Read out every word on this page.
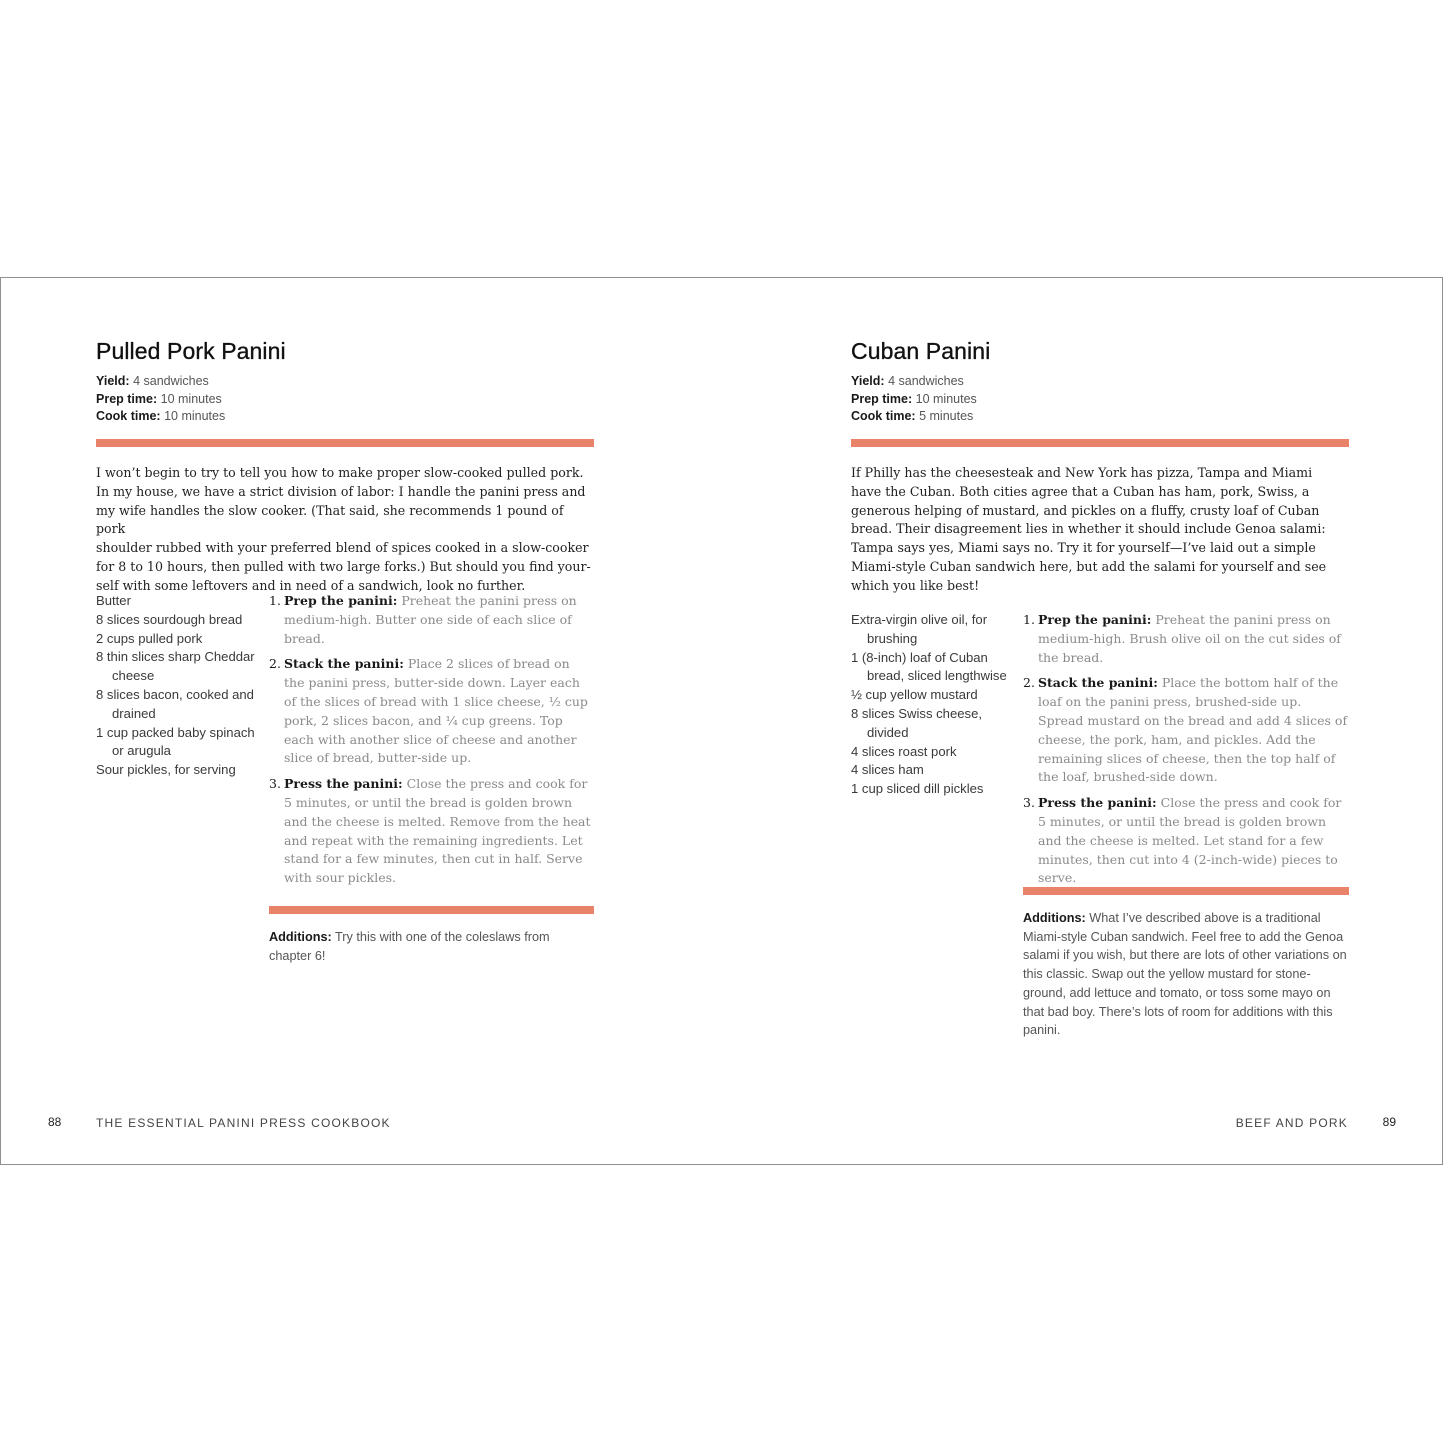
Pulled Pork Panini
Yield: 4 sandwiches
Prep time: 10 minutes
Cook time: 10 minutes
I won’t begin to try to tell you how to make proper slow-cooked pulled pork.
In my house, we have a strict division of labor: I handle the panini press and
my wife handles the slow cooker. (That said, she recommends 1 pound of pork
shoulder rubbed with your preferred blend of spices cooked in a slow-cooker
for 8 to 10 hours, then pulled with two large forks.) But should you find your-
self with some leftovers and in need of a sandwich, look no further.
Butter
8 slices sourdough bread
2 cups pulled pork
8 thin slices sharp Cheddar cheese
8 slices bacon, cooked and drained
1 cup packed baby spinach or arugula
Sour pickles, for serving
1. Prep the panini: Preheat the panini press on medium-high. Butter one side of each slice of bread.
2. Stack the panini: Place 2 slices of bread on the panini press, butter-side down. Layer each of the slices of bread with 1 slice cheese, ½ cup pork, 2 slices bacon, and ¼ cup greens. Top each with another slice of cheese and another slice of bread, butter-side up.
3. Press the panini: Close the press and cook for 5 minutes, or until the bread is golden brown and the cheese is melted. Remove from the heat and repeat with the remaining ingredients. Let stand for a few minutes, then cut in half. Serve with sour pickles.
Additions: Try this with one of the coleslaws from chapter 6!
88	THE ESSENTIAL PANINI PRESS COOKBOOK
Cuban Panini
Yield: 4 sandwiches
Prep time: 10 minutes
Cook time: 5 minutes
If Philly has the cheesesteak and New York has pizza, Tampa and Miami
have the Cuban. Both cities agree that a Cuban has ham, pork, Swiss, a
generous helping of mustard, and pickles on a fluffy, crusty loaf of Cuban
bread. Their disagreement lies in whether it should include Genoa salami:
Tampa says yes, Miami says no. Try it for yourself—I’ve laid out a simple
Miami-style Cuban sandwich here, but add the salami for yourself and see
which you like best!
Extra-virgin olive oil, for brushing
1 (8-inch) loaf of Cuban bread, sliced lengthwise
½ cup yellow mustard
8 slices Swiss cheese, divided
4 slices roast pork
4 slices ham
1 cup sliced dill pickles
1. Prep the panini: Preheat the panini press on medium-high. Brush olive oil on the cut sides of the bread.
2. Stack the panini: Place the bottom half of the loaf on the panini press, brushed-side up. Spread mustard on the bread and add 4 slices of cheese, the pork, ham, and pickles. Add the remaining slices of cheese, then the top half of the loaf, brushed-side down.
3. Press the panini: Close the press and cook for 5 minutes, or until the bread is golden brown and the cheese is melted. Let stand for a few minutes, then cut into 4 (2-inch-wide) pieces to serve.
Additions: What I’ve described above is a traditional Miami-style Cuban sandwich. Feel free to add the Genoa salami if you wish, but there are lots of other variations on this classic. Swap out the yellow mustard for stone-ground, add lettuce and tomato, or toss some mayo on that bad boy. There’s lots of room for additions with this panini.
BEEF AND PORK	89
